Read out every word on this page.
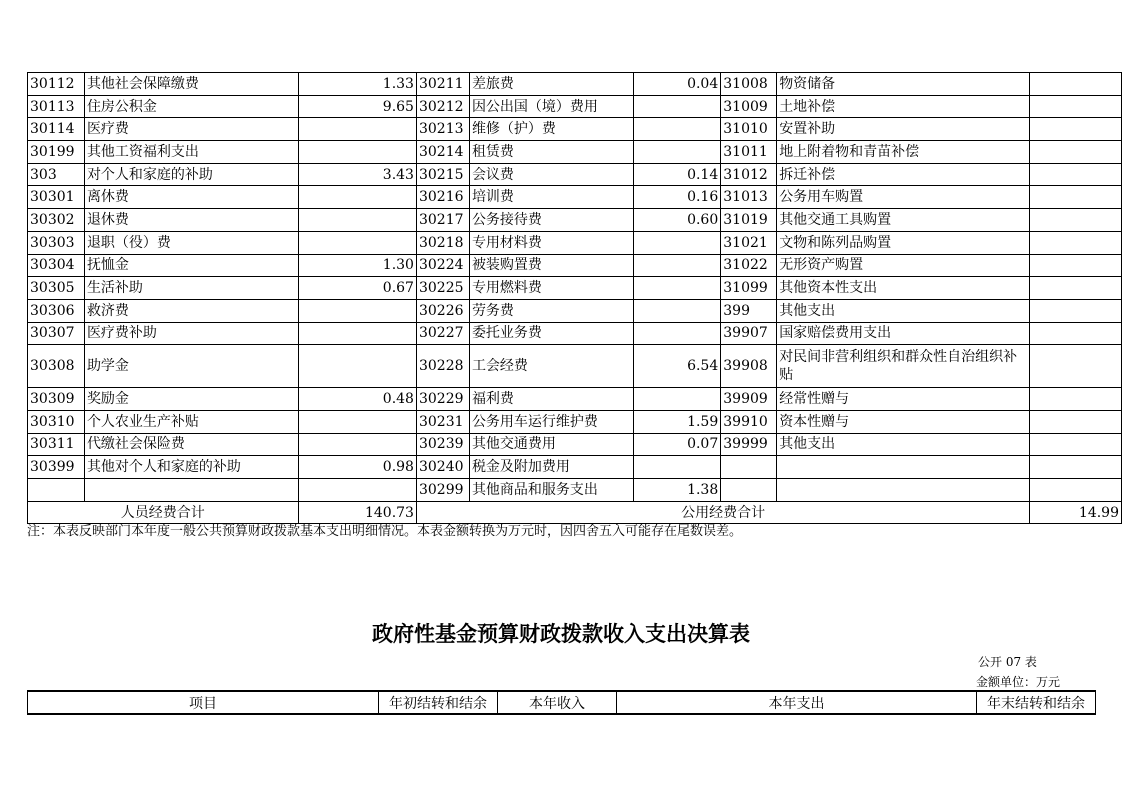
30112	其他社会保障缴费	1.33	30211	差旅费	0.04	31008	物资储备	
30113	住房公积金	9.65	30212	因公出国（境）费用		31009	土地补偿	
30114	医疗费		30213	维修（护）费		31010	安置补助	
30199	其他工资福利支出		30214	租赁费		31011	地上附着物和青苗补偿	
303	对个人和家庭的补助	3.43	30215	会议费	0.14	31012	拆迁补偿	
30301	离休费		30216	培训费	0.16	31013	公务用车购置	
30302	退休费		30217	公务接待费	0.60	31019	其他交通工具购置	
30303	退职（役）费		30218	专用材料费		31021	文物和陈列品购置	
30304	抚恤金	1.30	30224	被装购置费		31022	无形资产购置	
30305	生活补助	0.67	30225	专用燃料费		31099	其他资本性支出	
30306	救济费		30226	劳务费		399	其他支出	
30307	医疗费补助		30227	委托业务费		39907	国家赔偿费用支出	
30308	助学金		30228	工会经费	6.54	39908	对民间非营利组织和群众性自治组织补贴	
30309	奖励金	0.48	30229	福利费		39909	经常性赠与	
30310	个人农业生产补贴		30231	公务用车运行维护费	1.59	39910	资本性赠与	
30311	代缴社会保险费		30239	其他交通费用	0.07	39999	其他支出	
30399	其他对个人和家庭的补助	0.98	30240	税金及附加费用				
			30299	其他商品和服务支出	1.38			
人员经费合计		140.73	公用经费合计					14.99
注：本表反映部门本年度一般公共预算财政拨款基本支出明细情况。本表金额转换为万元时，因四舍五入可能存在尾数误差。
政府性基金预算财政拨款收入支出决算表
公开 07 表
金额单位：万元
项目	年初结转和结余	本年收入	本年支出	年末结转和结余
